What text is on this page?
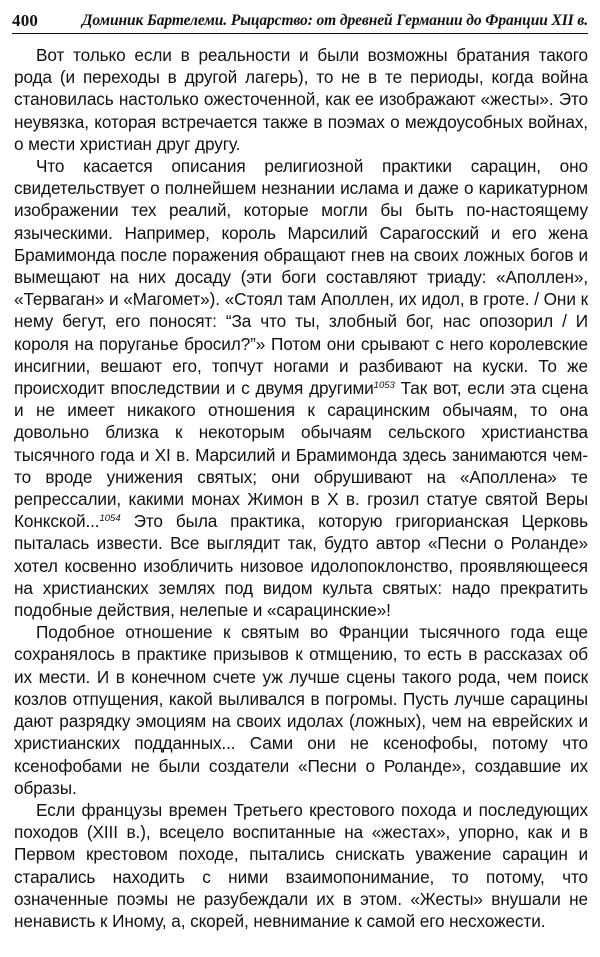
400	Доминик Бартелеми. Рыцарство: от древней Германии до Франции XII в.

Вот только если в реальности и были возможны братания такого рода (и переходы в другой лагерь), то не в те периоды, когда война становилась настолько ожесточенной, как ее изображают «жесты». Это неувязка, которая встречается также в поэмах о междоусобных войнах, о мести христиан друг другу.

Что касается описания религиозной практики сарацин, оно свидетельствует о полнейшем незнании ислама и даже о карикатурном изображении тех реалий, которые могли бы быть по-настоящему языческими. Например, король Марсилий Сарагосский и его жена Брамимонда после поражения обращают гнев на своих ложных богов и вымещают на них досаду (эти боги составляют триаду: «Аполлен», «Терваган» и «Магомет»). «Стоял там Аполлен, их идол, в гроте. / Они к нему бегут, его поносят: “За что ты, злобный бог, нас опозорил / И короля на поруганье бросил?”» Потом они срывают с него королевские инсигнии, вешают его, топчут ногами и разбивают на куски. То же происходит впоследствии и с двумя другими$^{1053}$ Так вот, если эта сцена и не имеет никакого отношения к сарацинским обычаям, то она довольно близка к некоторым обычаям сельского христианства тысячного года и XI в. Марсилий и Брамимонда здесь занимаются чем-то вроде унижения святых; они обрушивают на «Аполлена» те репрессалии, какими монах Жимон в X в. грозил статуе святой Веры Конкской...$^{1054}$ Это была практика, которую григорианская Церковь пыталась извести. Все выглядит так, будто автор «Песни о Роланде» хотел косвенно изобличить низовое идолопоклонство, проявляющееся на христианских землях под видом культа святых: надо прекратить подобные действия, нелепые и «сарацинские»!

Подобное отношение к святым во Франции тысячного года еще сохранялось в практике призывов к отмщению, то есть в рассказах об их мести. И в конечном счете уж лучше сцены такого рода, чем поиск козлов отпущения, какой выливался в погромы. Пусть лучше сарацины дают разрядку эмоциям на своих идолах (ложных), чем на еврейских и христианских подданных... Сами они не ксенофобы, потому что ксенофобами не были создатели «Песни о Роланде», создавшие их образы.

Если французы времен Третьего крестового похода и последующих походов (XIII в.), всецело воспитанные на «жестах», упорно, как и в Первом крестовом походе, пытались снискать уважение сарацин и старались находить с ними взаимопонимание, то потому, что означенные поэмы не разубеждали их в этом. «Жесты» внушали не ненависть к Иному, а, скорей, невнимание к самой его несхожести.
